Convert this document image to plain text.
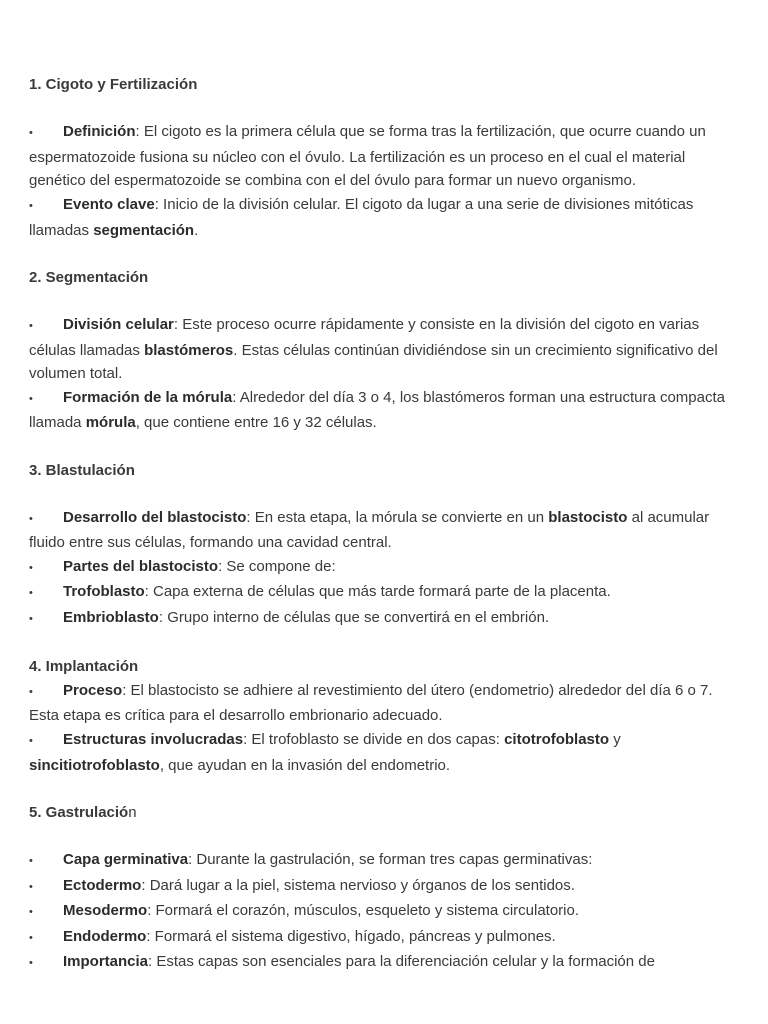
1. Cigoto y Fertilización

• Definición: El cigoto es la primera célula que se forma tras la fertilización, que ocurre cuando un espermatozoide fusiona su núcleo con el óvulo. La fertilización es un proceso en el cual el material genético del espermatozoide se combina con el del óvulo para formar un nuevo organismo.

• Evento clave: Inicio de la división celular. El cigoto da lugar a una serie de divisiones mitóticas llamadas segmentación.

2. Segmentación

• División celular: Este proceso ocurre rápidamente y consiste en la división del cigoto en varias células llamadas blastómeros. Estas células continúan dividiéndose sin un crecimiento significativo del volumen total.

• Formación de la mórula: Alrededor del día 3 o 4, los blastómeros forman una estructura compacta llamada mórula, que contiene entre 16 y 32 células.

3. Blastulación

• Desarrollo del blastocisto: En esta etapa, la mórula se convierte en un blastocisto al acumular fluido entre sus células, formando una cavidad central.

• Partes del blastocisto: Se compone de:

• Trofoblasto: Capa externa de células que más tarde formará parte de la placenta.

• Embrioblasto: Grupo interno de células que se convertirá en el embrión.

4. Implantación

• Proceso: El blastocisto se adhiere al revestimiento del útero (endometrio) alrededor del día 6 o 7. Esta etapa es crítica para el desarrollo embrionario adecuado.

• Estructuras involucradas: El trofoblasto se divide en dos capas: citotrofoblasto y sincitiotrofoblasto, que ayudan en la invasión del endometrio.

5. Gastrulación

• Capa germinativa: Durante la gastrulación, se forman tres capas germinativas:

• Ectodermo: Dará lugar a la piel, sistema nervioso y órganos de los sentidos.

• Mesodermo: Formará el corazón, músculos, esqueleto y sistema circulatorio.

• Endodermo: Formará el sistema digestivo, hígado, páncreas y pulmones.

• Importancia: Estas capas son esenciales para la diferenciación celular y la formación de
